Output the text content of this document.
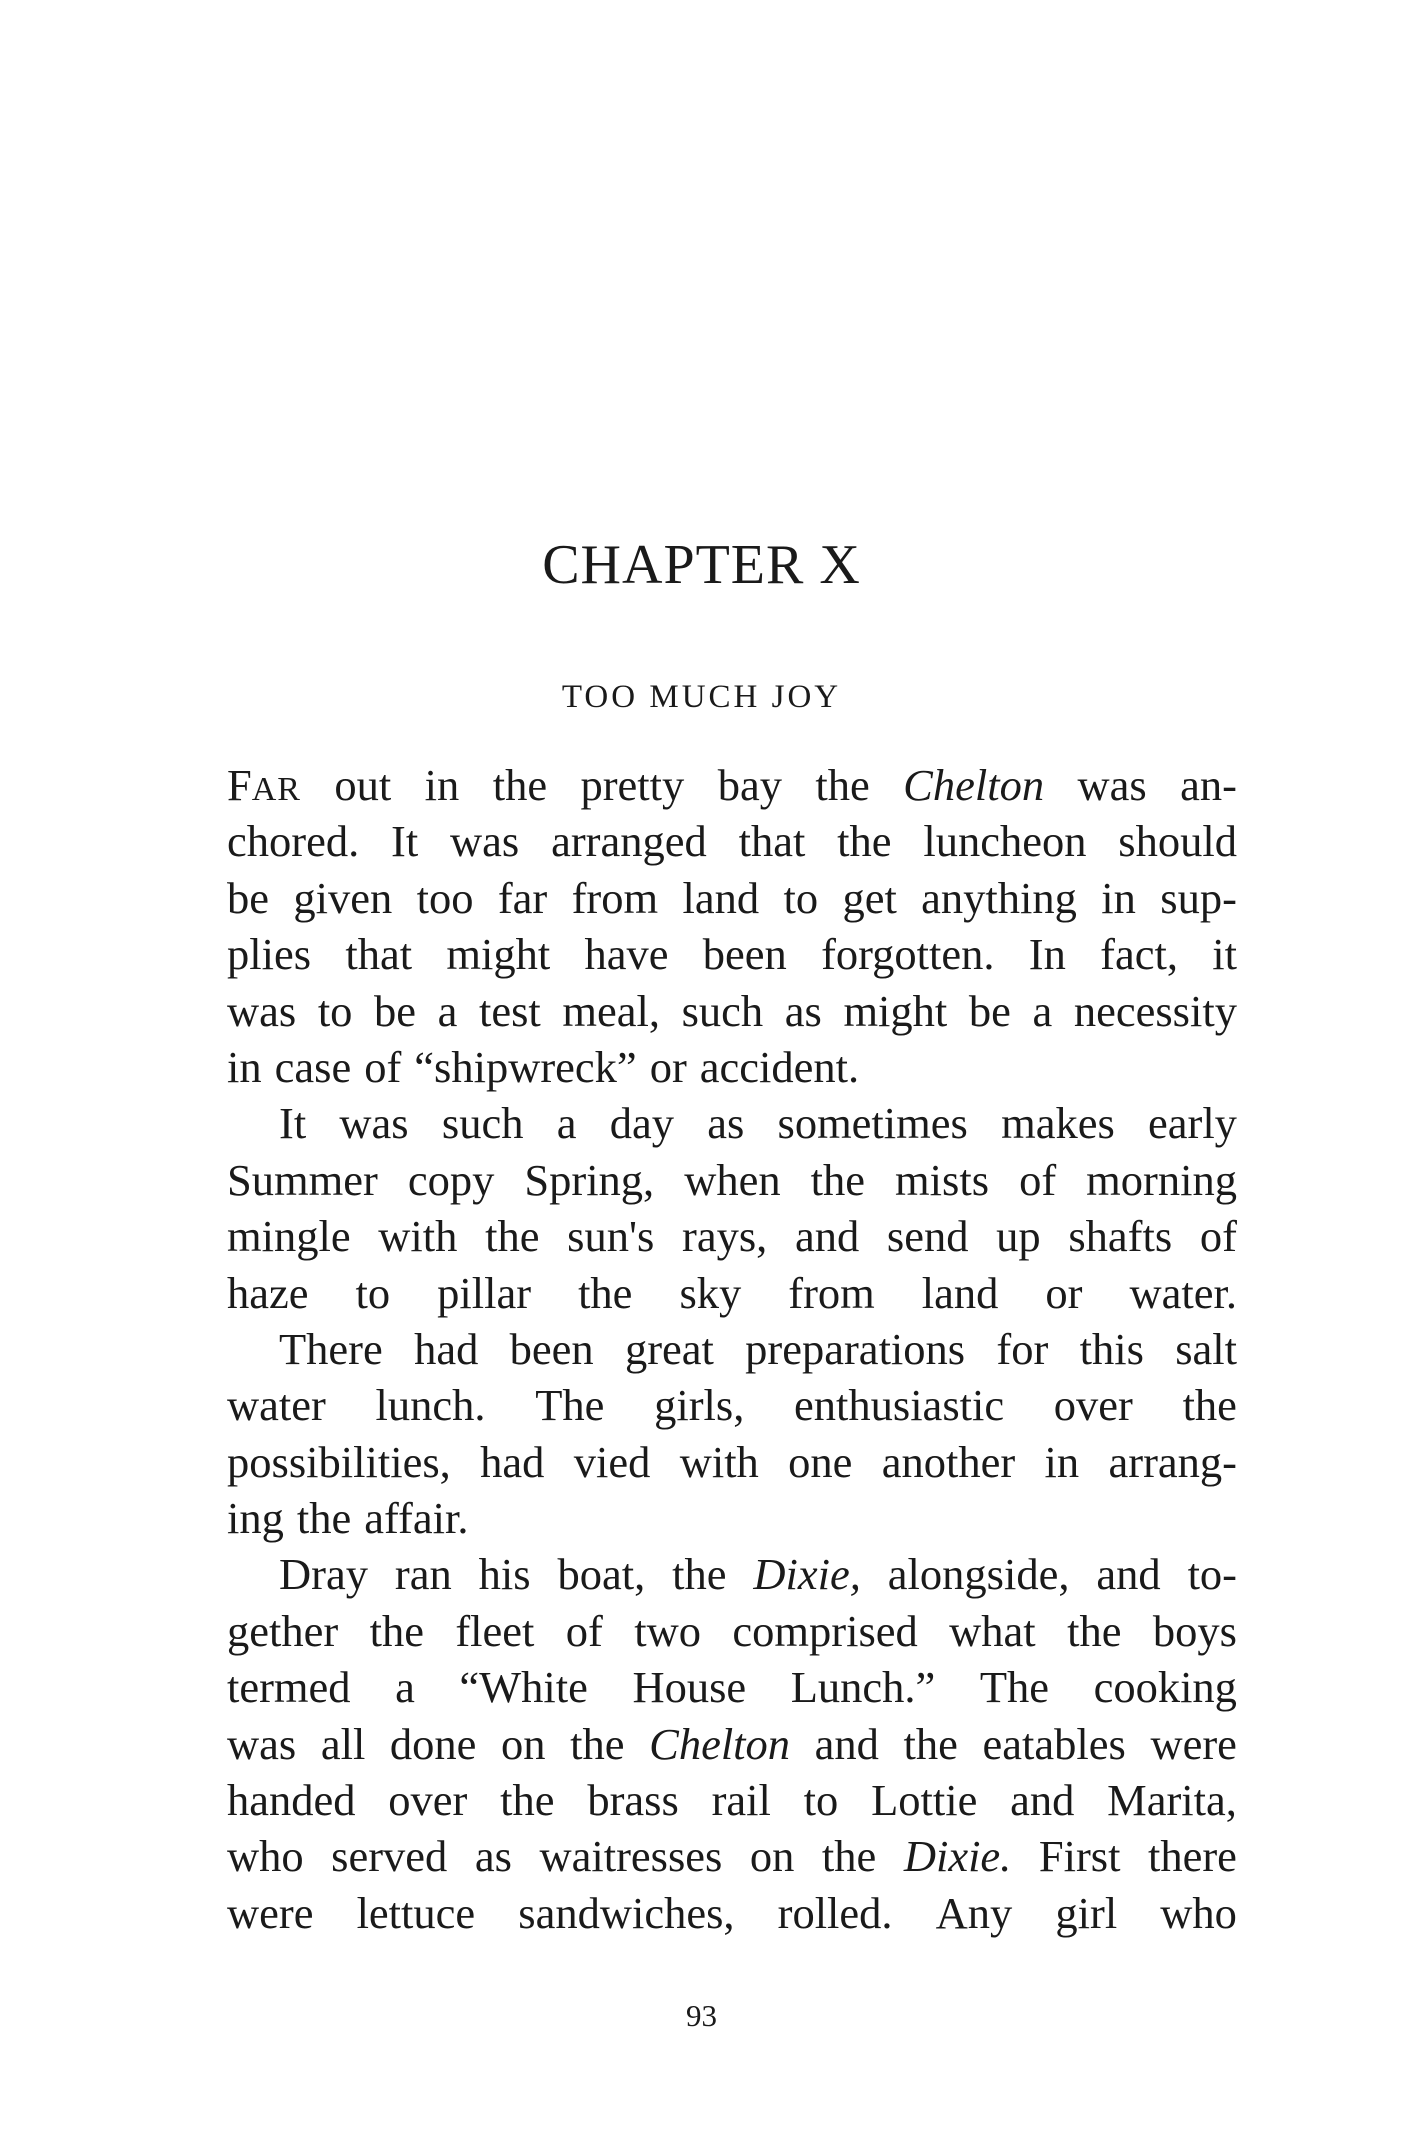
CHAPTER X
TOO MUCH JOY
FAR out in the pretty bay the Chelton was an-
chored. It was arranged that the luncheon should
be given too far from land to get anything in sup-
plies that might have been forgotten. In fact, it
was to be a test meal, such as might be a necessity
in case of “shipwreck” or accident.
It was such a day as sometimes makes early
Summer copy Spring, when the mists of morning
mingle with the sun's rays, and send up shafts of
haze to pillar the sky from land or water.
There had been great preparations for this salt
water lunch. The girls, enthusiastic over the
possibilities, had vied with one another in arrang-
ing the affair.
Dray ran his boat, the Dixie, alongside, and to-
gether the fleet of two comprised what the boys
termed a “White House Lunch.” The cooking
was all done on the Chelton and the eatables were
handed over the brass rail to Lottie and Marita,
who served as waitresses on the Dixie. First there
were lettuce sandwiches, rolled. Any girl who
93
